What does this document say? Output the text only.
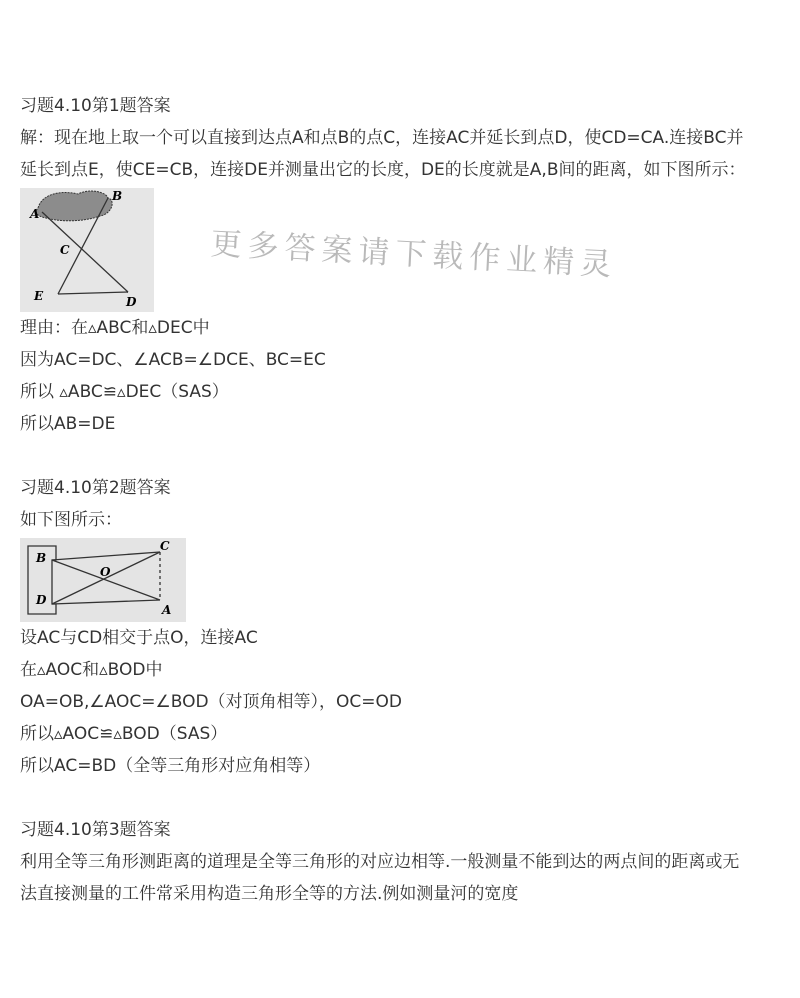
更多答案请下载作业精灵
习题4.10第1题答案
解：现在地上取一个可以直接到达点A和点B的点C，连接AC并延长到点D，使CD=CA.连接BC并
延长到点E，使CE=CB，连接DE并测量出它的长度，DE的长度就是A,B间的距离，如下图所示：
A
B
C
E	D
理由：在▵ABC和▵DEC中
因为AC=DC、∠ACB=∠DCE、BC=EC
所以 ▵ABC≌▵DEC（SAS）
所以AB=DE
习题4.10第2题答案
如下图所示：
B
D
O
C
A
设AC与CD相交于点O，连接AC
在▵AOC和▵BOD中
OA=OB,∠AOC=∠BOD（对顶角相等），OC=OD
所以▵AOC≌▵BOD（SAS）
所以AC=BD（全等三角形对应角相等）
习题4.10第3题答案
利用全等三角形测距离的道理是全等三角形的对应边相等.一般测量不能到达的两点间的距离或无
法直接测量的工件常采用构造三角形全等的方法.例如测量河的宽度
